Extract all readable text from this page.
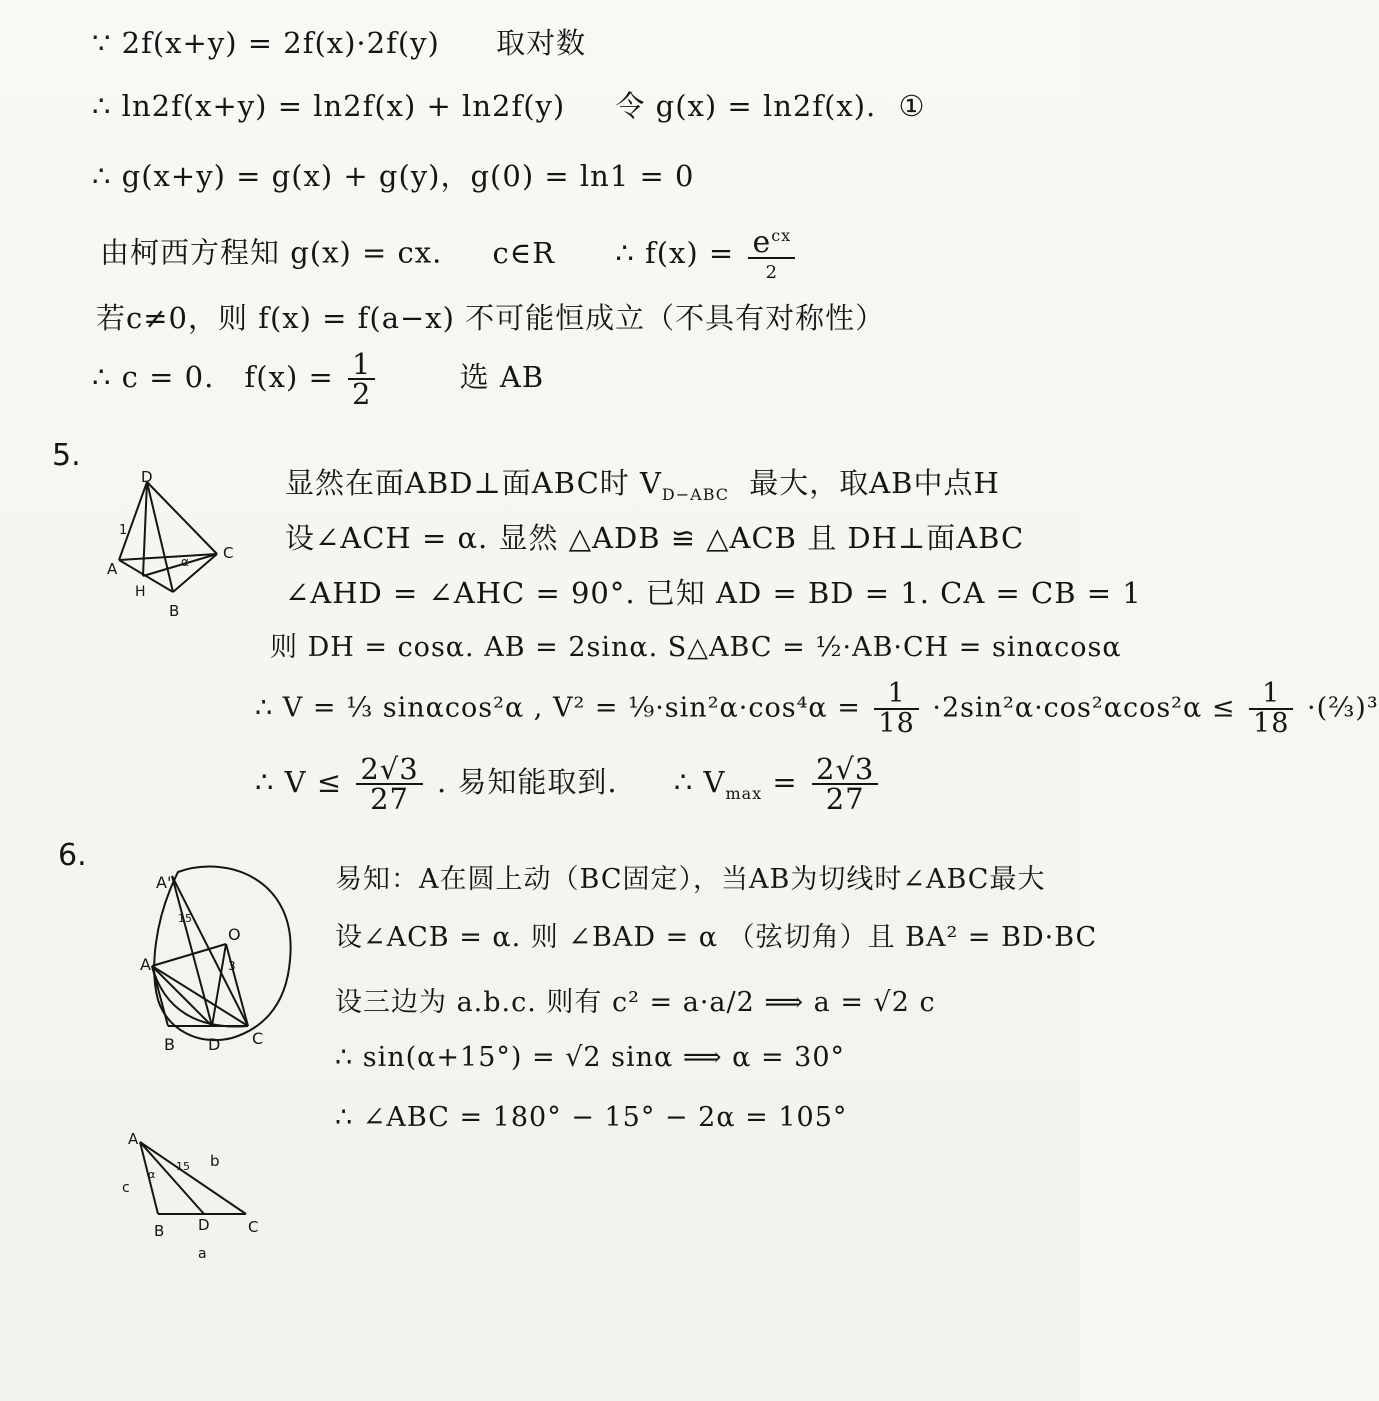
∵ 2f(x+y) = 2f(x)·2f(y) 取对数
∴ ln2f(x+y) = ln2f(x) + ln2f(y) 令 g(x) = ln2f(x). ①
∴ g(x+y) = g(x) + g(y)，g(0) = ln1 = 0
由柯西方程知 g(x) = cx. c∈R ∴ $f(x) = \frac{e^{cx}}{2}$
若c≠0，则 f(x) = f(a−x) 不可能恒成立（不具有对称性）
∴ c = 0. $f(x) = \frac{1}{2}$	选 AB
5.
D
A
H
B
C
1
α
显然在面ABD⊥面ABC时 $V_{D-ABC}$ 最大，取AB中点H
设∠ACH = α. 显然 △ADB ≌ △ACB 且 DH⊥面ABC
∠AHD = ∠AHC = 90°. 已知 AD = BD = 1. CA = CB = 1
则 DH = cosα. AB = 2sinα. S△ABC = ½·AB·CH = sinαcosα
∴ V = ⅓ sinαcos²α , V² = ⅑·sin²α·cos⁴α = $\frac{1}{18} \cdot 2\sin^2\alpha\cdot\cos^2\alpha\cos^2\alpha \le \frac{1}{18}$ ·(⅔)³
∴ $V \le \frac{2√3}{27}$ . 易知能取到. ∴ $V_{max} = \frac{2√3}{27}$
6.
A'
A
O
B D C
15
3
A
c
B D	C
b
a
15
α
易知：A在圆上动（BC固定），当AB为切线时∠ABC最大
设∠ACB = α. 则 ∠BAD = α （弦切角）且 BA² = BD·BC
设三边为 a.b.c. 则有 c² = a·a/2 ⟹ a = √2 c
∴ sin(α+15°) = √2 sinα ⟹ α = 30°
∴ ∠ABC = 180° − 15° − 2α = 105°
